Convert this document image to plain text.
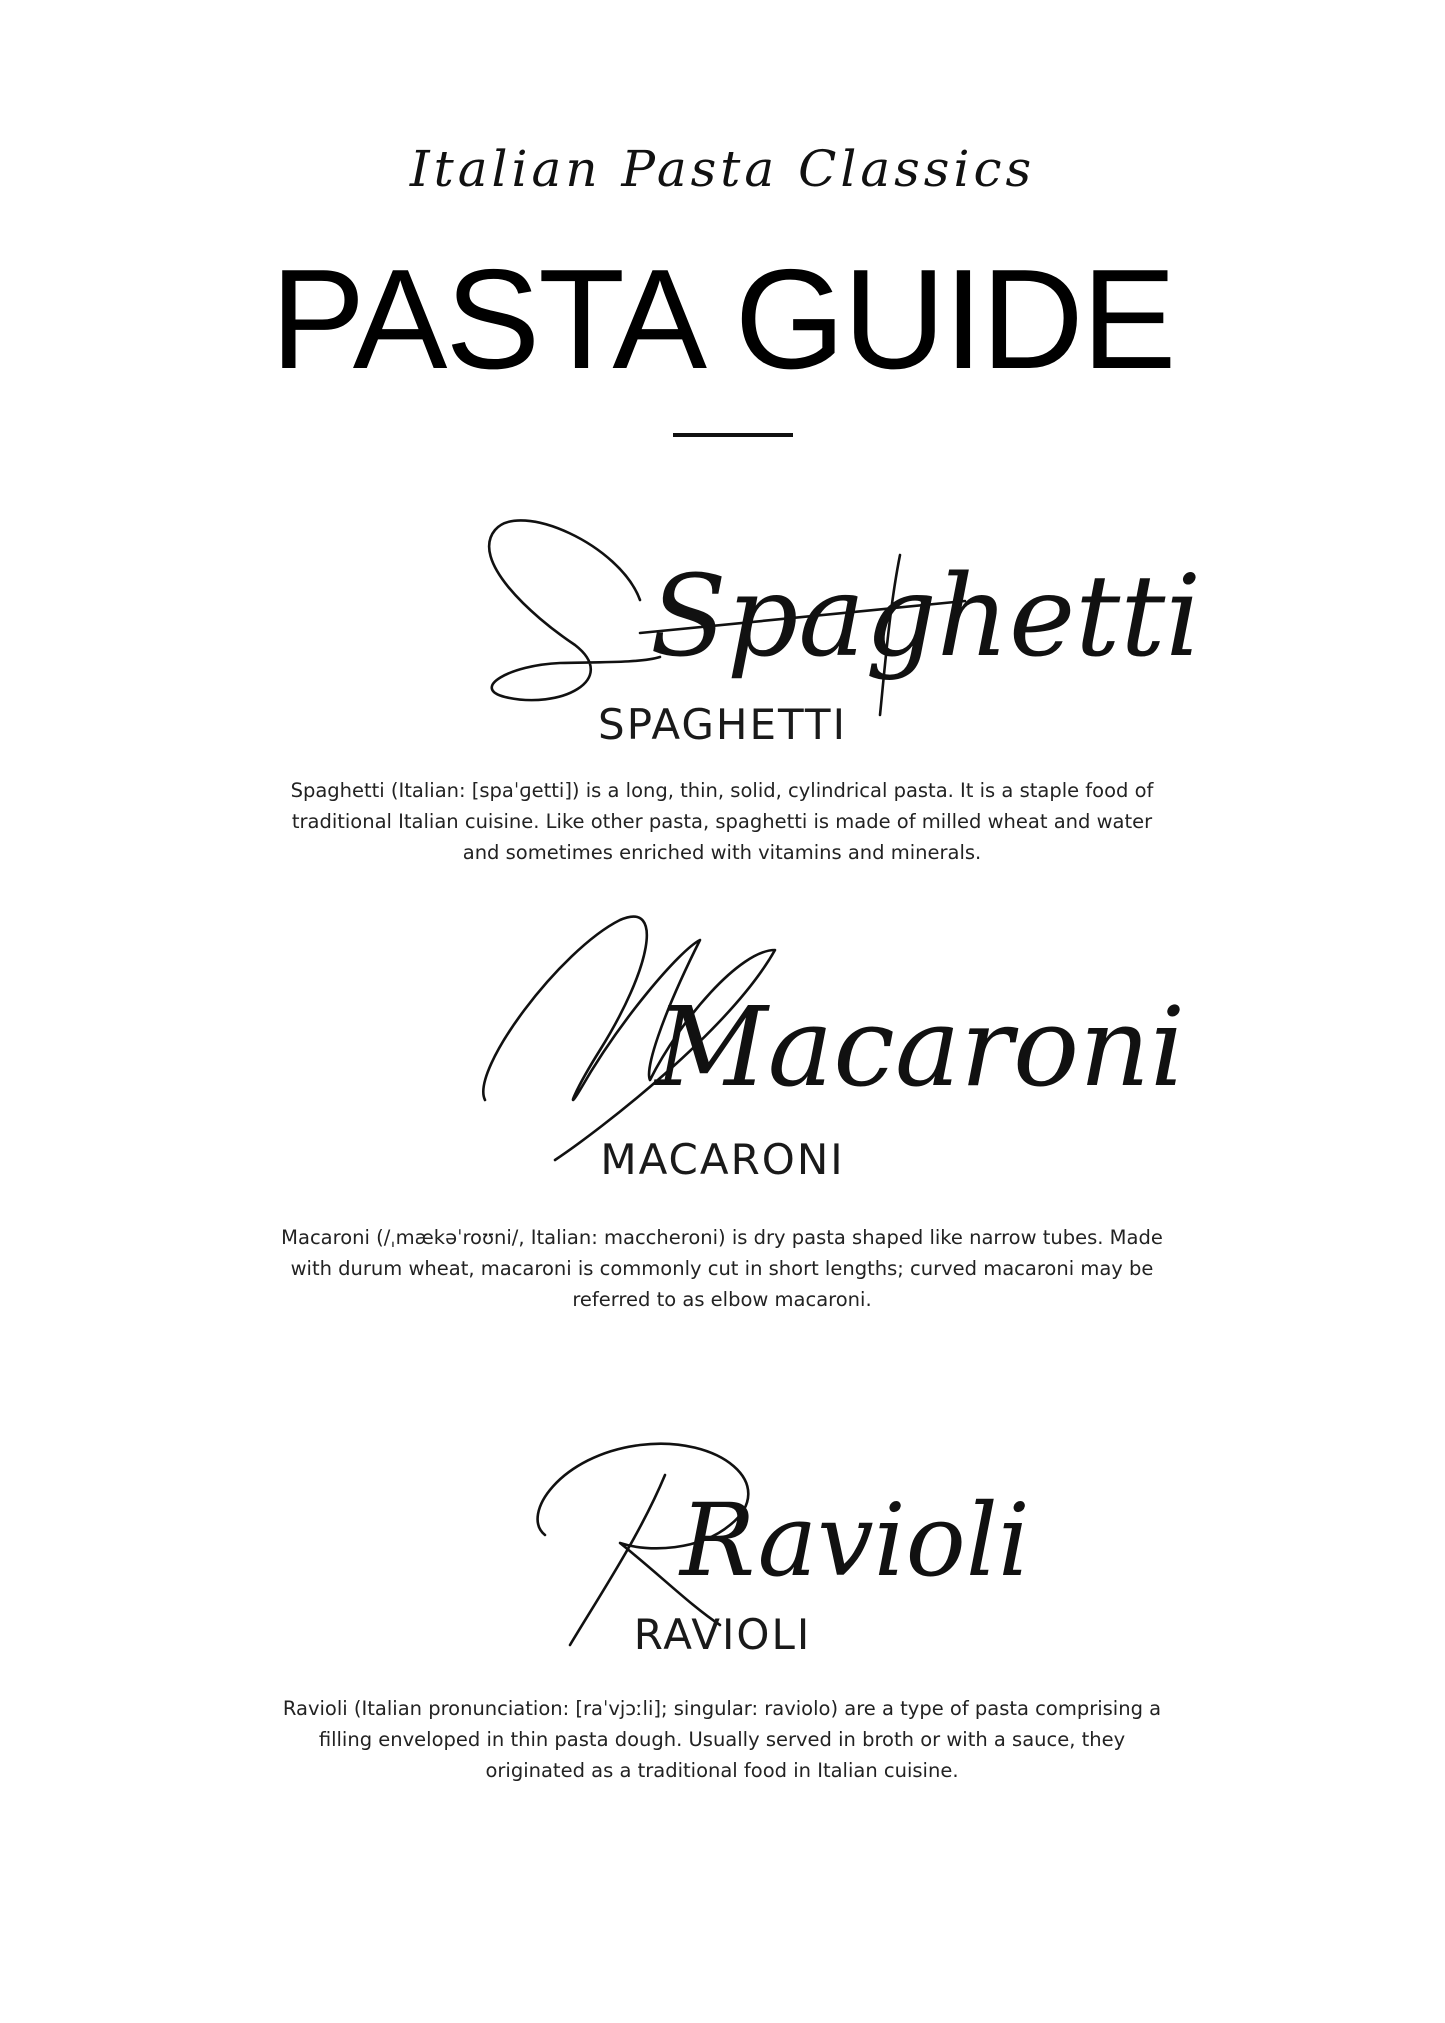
Italian Pasta Classics
PASTA GUIDE
Spaghetti
SPAGHETTI
Spaghetti (Italian: [spaˈɡetti]) is a long, thin, solid, cylindrical pasta. It is a staple food of traditional Italian cuisine. Like other pasta, spaghetti is made of milled wheat and water and sometimes enriched with vitamins and minerals.
Macaroni
MACARONI
Macaroni (/ˌmækəˈroʊni/, Italian: maccheroni) is dry pasta shaped like narrow tubes. Made with durum wheat, macaroni is commonly cut in short lengths; curved macaroni may be referred to as elbow macaroni.
Ravioli
RAVIOLI
Ravioli (Italian pronunciation: [raˈvjɔːli]; singular: raviolo) are a type of pasta comprising a filling enveloped in thin pasta dough. Usually served in broth or with a sauce, they originated as a traditional food in Italian cuisine.
